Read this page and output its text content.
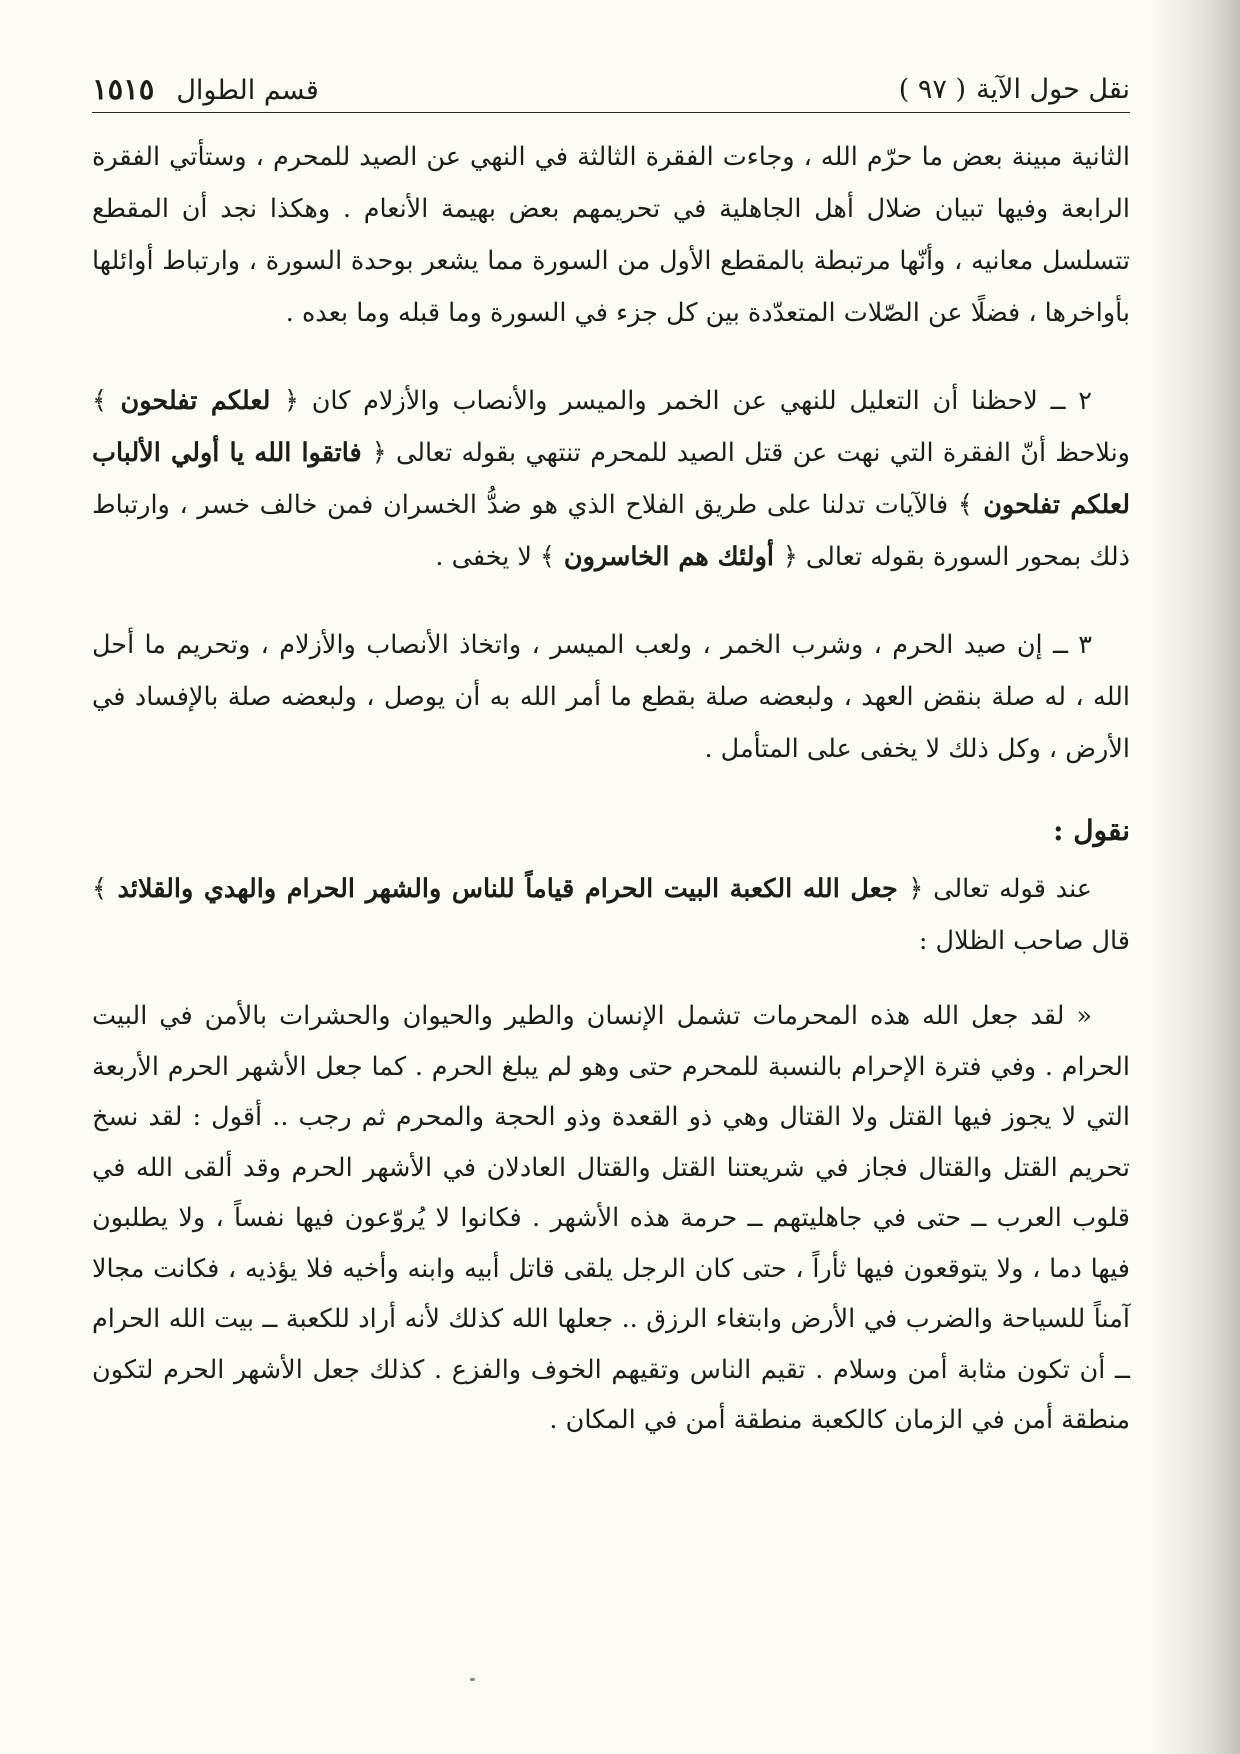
نقل حول الآية
( ٩٧ )
قسم الطوال
١٥١٥

الثانية مبينة بعض ما حرّم الله ، وجاءت الفقرة الثالثة في النهي عن الصيد للمحرم ، وستأتي الفقرة الرابعة وفيها تبيان ضلال أهل الجاهلية في تحريمهم بعض بهيمة الأنعام . وهكذا نجد أن المقطع تتسلسل معانيه ، وأنّها مرتبطة بالمقطع الأول من السورة مما يشعر بوحدة السورة ، وارتباط أوائلها بأواخرها ، فضلًا عن الصّلات المتعدّدة بين كل جزء في السورة وما قبله وما بعده .

٢ ــ لاحظنا أن التعليل للنهي عن الخمر والميسر والأنصاب والأزلام كان ﴿ لعلكم تفلحون ﴾ ونلاحظ أنّ الفقرة التي نهت عن قتل الصيد للمحرم تنتهي بقوله تعالى ﴿ فاتقوا الله يا أولي الألباب لعلكم تفلحون ﴾ فالآيات تدلنا على طريق الفلاح الذي هو ضدُّ الخسران فمن خالف خسر ، وارتباط ذلك بمحور السورة بقوله تعالى ﴿ أولئك هم الخاسرون ﴾ لا يخفى .

٣ ــ إن صيد الحرم ، وشرب الخمر ، ولعب الميسر ، واتخاذ الأنصاب والأزلام ، وتحريم ما أحل الله ، له صلة بنقض العهد ، ولبعضه صلة بقطع ما أمر الله به أن يوصل ، ولبعضه صلة بالإفساد في الأرض ، وكل ذلك لا يخفى على المتأمل .

نقول :

عند قوله تعالى ﴿ جعل الله الكعبة البيت الحرام قياماً للناس والشهر الحرام والهدي والقلائد ﴾ قال صاحب الظلال :

« لقد جعل الله هذه المحرمات تشمل الإنسان والطير والحيوان والحشرات بالأمن في البيت الحرام . وفي فترة الإحرام بالنسبة للمحرم حتى وهو لم يبلغ الحرم . كما جعل الأشهر الحرم الأربعة التي لا يجوز فيها القتل ولا القتال وهي ذو القعدة وذو الحجة والمحرم ثم رجب .. أقول : لقد نسخ تحريم القتل والقتال فجاز في شريعتنا القتل والقتال العادلان في الأشهر الحرم وقد ألقى الله في قلوب العرب ــ حتى في جاهليتهم ــ حرمة هذه الأشهر . فكانوا لا يُروّعون فيها نفساً ، ولا يطلبون فيها دما ، ولا يتوقعون فيها ثأراً ، حتى كان الرجل يلقى قاتل أبيه وابنه وأخيه فلا يؤذيه ، فكانت مجالا آمناً للسياحة والضرب في الأرض وابتغاء الرزق .. جعلها الله كذلك لأنه أراد للكعبة ــ بيت الله الحرام ــ أن تكون مثابة أمن وسلام . تقيم الناس وتقيهم الخوف والفزع . كذلك جعل الأشهر الحرم لتكون منطقة أمن في الزمان كالكعبة منطقة أمن في المكان .
